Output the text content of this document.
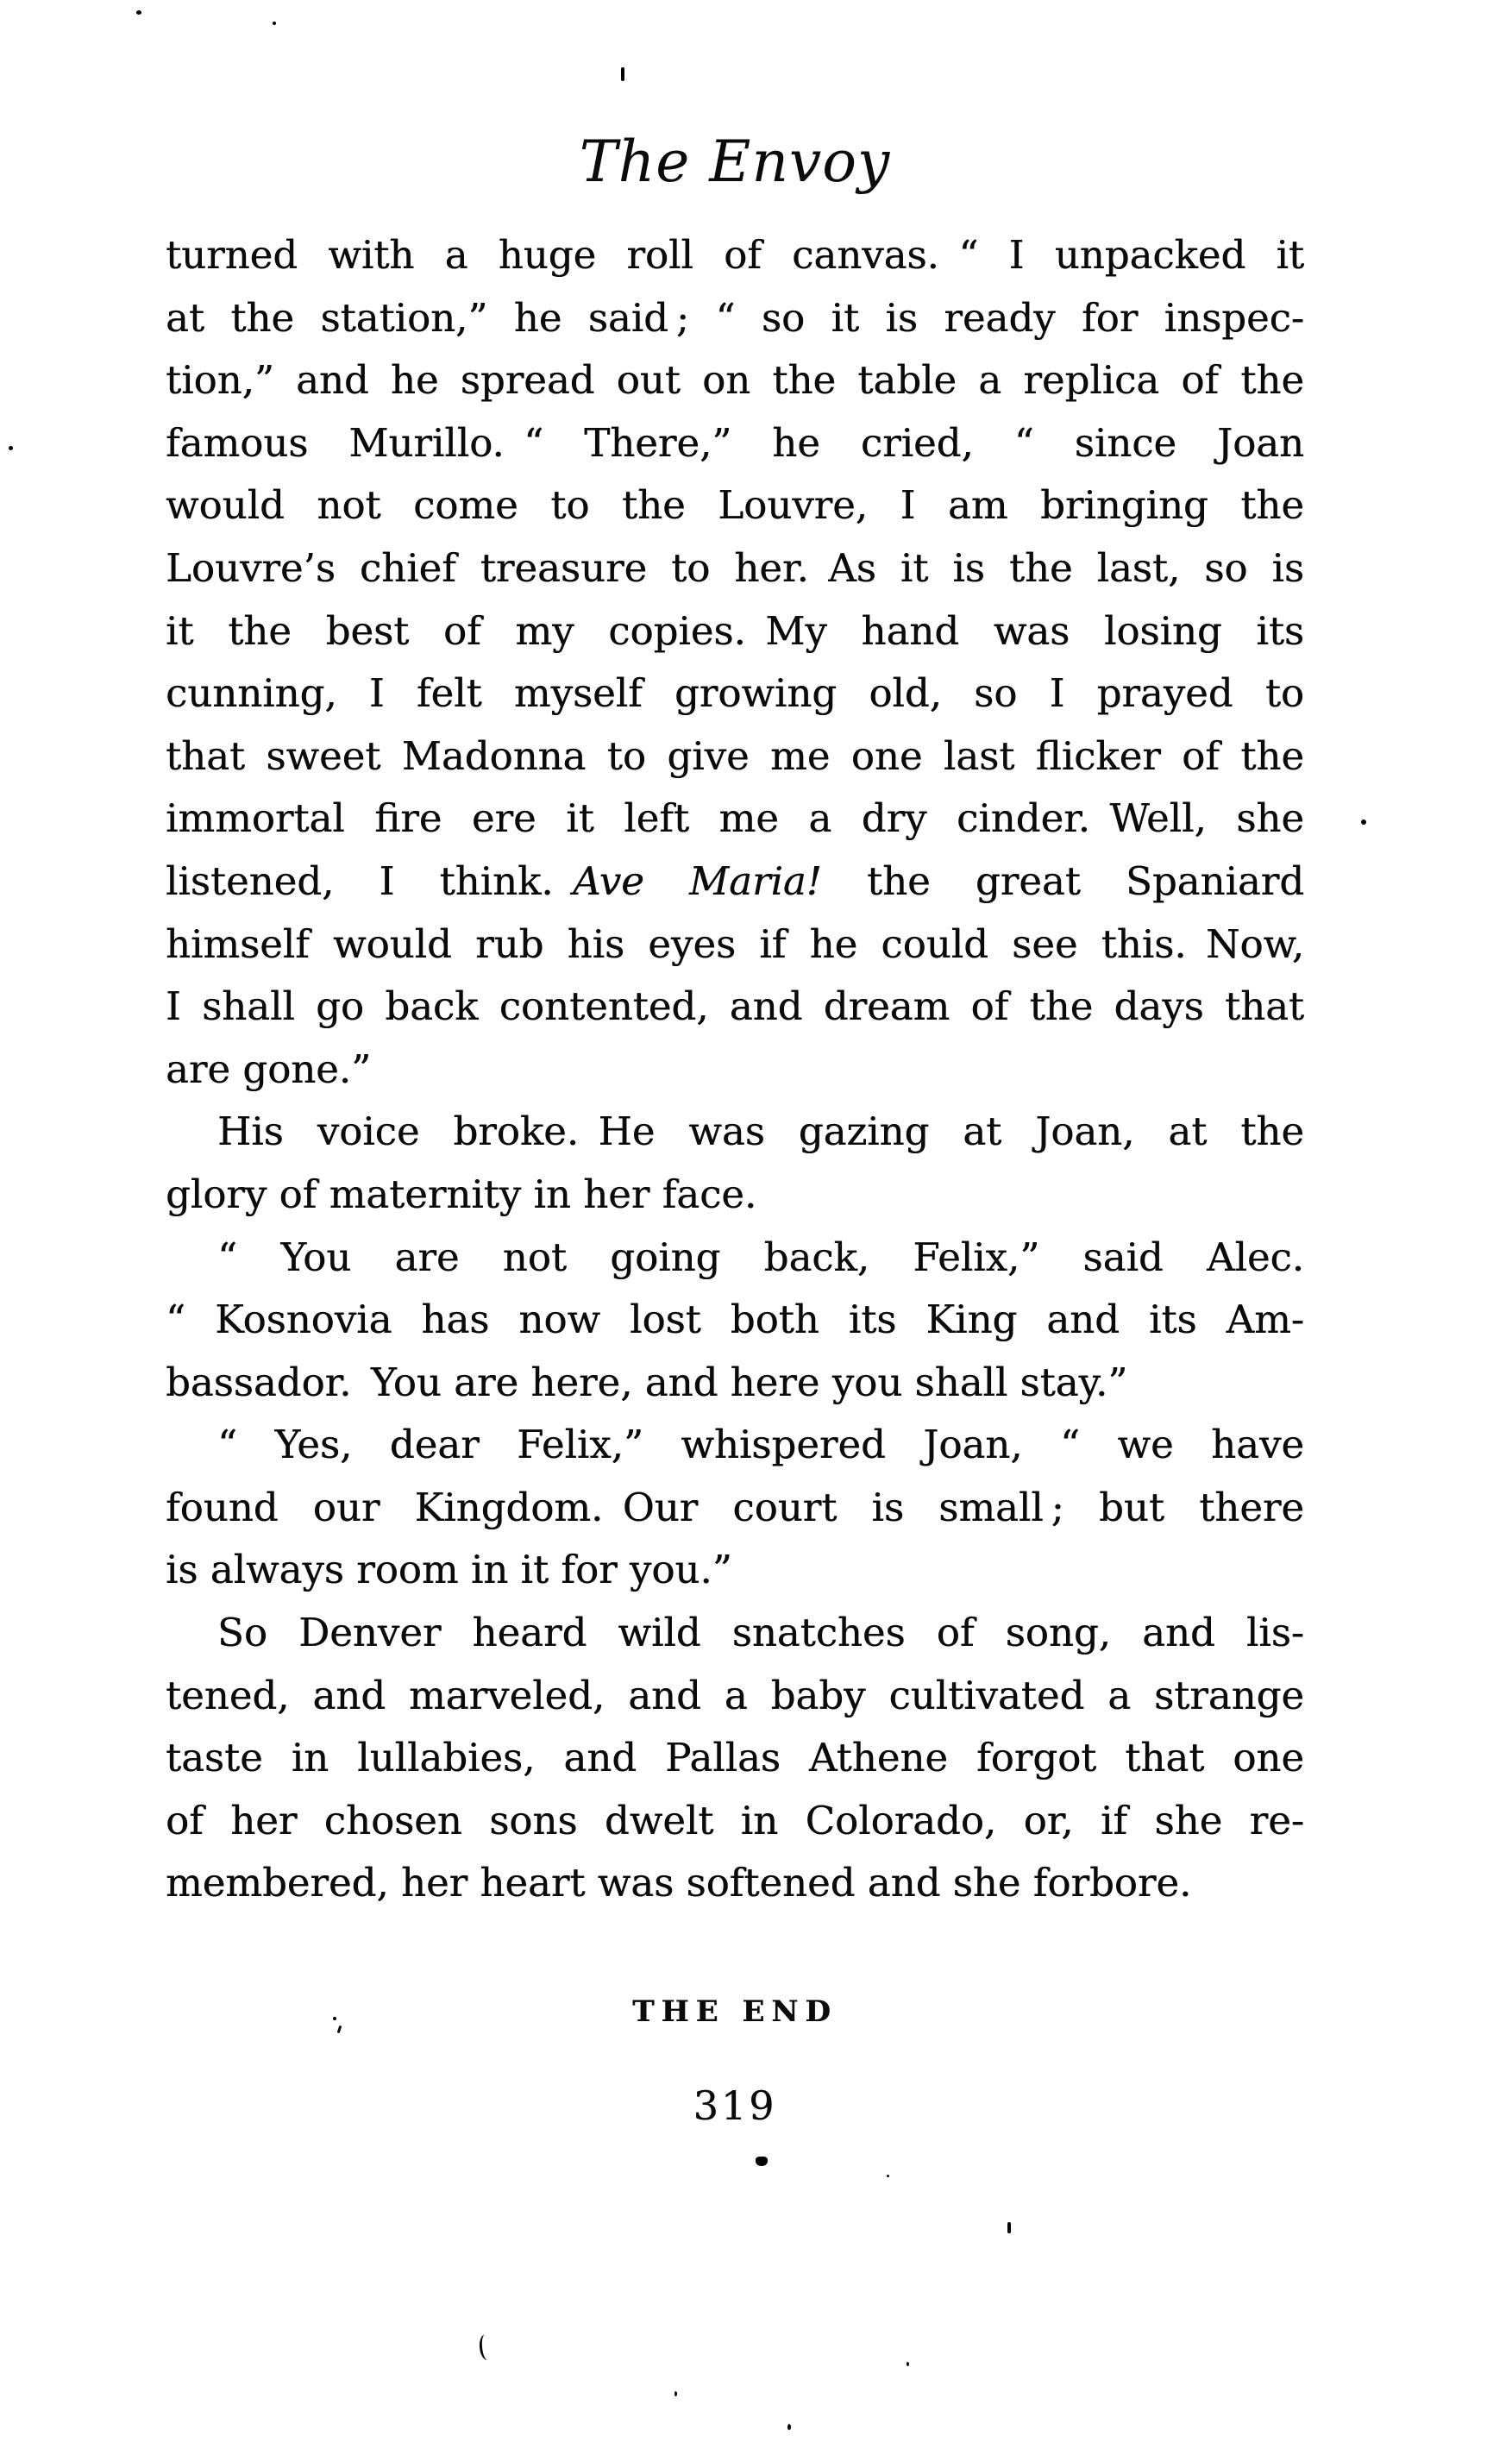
The Envoy
turned with a huge roll of canvas. “ I unpacked it
at the station,” he said ; “ so it is ready for inspec-
tion,” and he spread out on the table a replica of the
famous Murillo. “ There,” he cried, “ since Joan
would not come to the Louvre, I am bringing the
Louvre’s chief treasure to her. As it is the last, so is
it the best of my copies. My hand was losing its
cunning, I felt myself growing old, so I prayed to
that sweet Madonna to give me one last flicker of the
immortal fire ere it left me a dry cinder. Well, she
listened, I think. Ave Maria! the great Spaniard
himself would rub his eyes if he could see this. Now,
I shall go back contented, and dream of the days that
are gone.”
His voice broke. He was gazing at Joan, at the
glory of maternity in her face.
“ You are not going back, Felix,” said Alec.
“ Kosnovia has now lost both its King and its Am-
bassador. You are here, and here you shall stay.”
“ Yes, dear Felix,” whispered Joan, “ we have
found our Kingdom. Our court is small ; but there
is always room in it for you.”
So Denver heard wild snatches of song, and lis-
tened, and marveled, and a baby cultivated a strange
taste in lullabies, and Pallas Athene forgot that one
of her chosen sons dwelt in Colorado, or, if she re-
membered, her heart was softened and she forbore.
THE END
319
